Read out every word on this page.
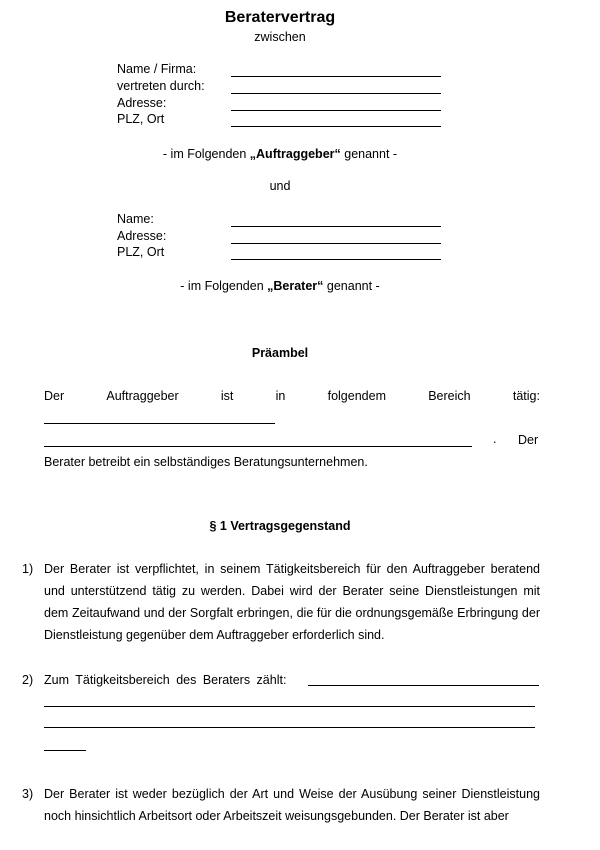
Beratervertrag
zwischen
Name / Firma:
vertreten durch:
Adresse:
PLZ, Ort
- im Folgenden „Auftraggeber“ genannt -
und
Name:
Adresse:
PLZ, Ort
- im Folgenden „Berater“ genannt -
Präambel
Der	Auftraggeber	ist	in	folgendem	Bereich	tätig:
. Der
Berater betreibt ein selbständiges Beratungsunternehmen.
§ 1 Vertragsgegenstand
1) Der Berater ist verpflichtet, in seinem Tätigkeitsbereich für den Auftraggeber beratend und unterstützend tätig zu werden. Dabei wird der Berater seine Dienstleistungen mit dem Zeitaufwand und der Sorgfalt erbringen, die für die ordnungsgemäße Erbringung der Dienstleistung gegenüber dem Auftraggeber erforderlich sind.
2) Zum Tätigkeitsbereich des Beraters zählt:
3) Der Berater ist weder bezüglich der Art und Weise der Ausübung seiner Dienstleistung noch hinsichtlich Arbeitsort oder Arbeitszeit weisungsgebunden. Der Berater ist aber
